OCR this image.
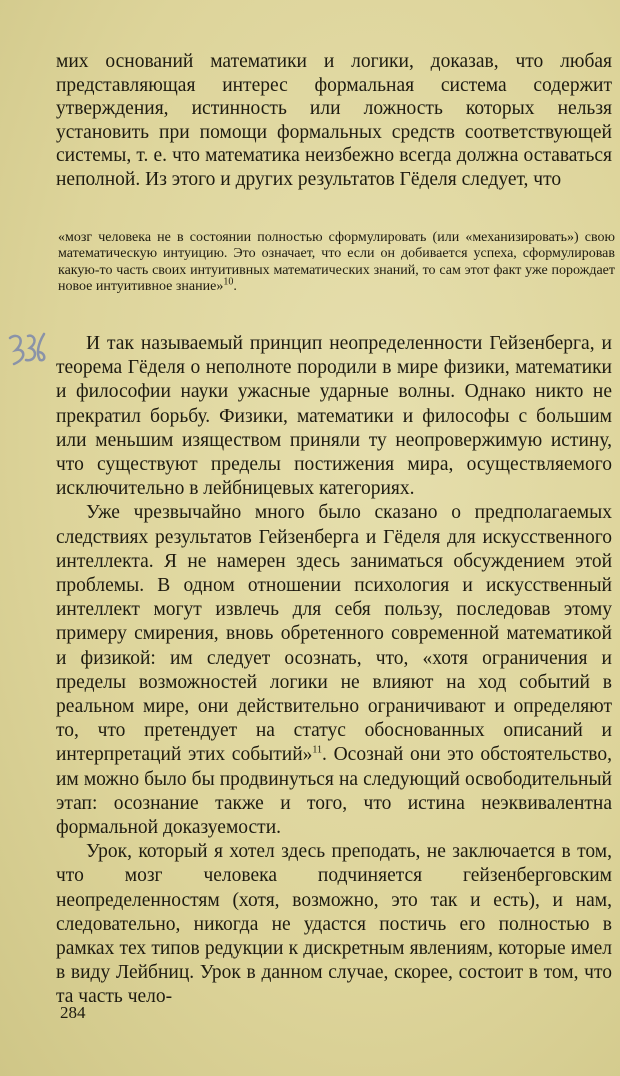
мих оснований математики и логики, доказав, что любая представляющая интерес формальная система содержит утверждения, истинность или ложность которых нельзя установить при помощи формальных средств соответствующей системы, т. е. что математика неизбежно всегда должна оставаться неполной. Из этого и других результатов Гёделя следует, что
«мозг человека не в состоянии полностью сформулировать (или «механизировать») свою математическую интуицию. Это означает, что если он добивается успеха, сформулировав какую-то часть своих интуитивных математических знаний, то сам этот факт уже порождает новое интуитивное знание»$^{10}$.

И так называемый принцип неопределенности Гейзенберга, и теорема Гёделя о неполноте породили в мире физики, математики и философии науки ужасные ударные волны. Однако никто не прекратил борьбу. Физики, математики и философы с большим или меньшим изяществом приняли ту неопровержимую истину, что существуют пределы постижения мира, осуществляемого исключительно в лейбницевых категориях.

Уже чрезвычайно много было сказано о предполагаемых следствиях результатов Гейзенберга и Гёделя для искусственного интеллекта. Я не намерен здесь заниматься обсуждением этой проблемы. В одном отношении психология и искусственный интеллект могут извлечь для себя пользу, последовав этому примеру смирения, вновь обретенного современной математикой и физикой: им следует осознать, что, «хотя ограничения и пределы возможностей логики не влияют на ход событий в реальном мире, они действительно ограничивают и определяют то, что претендует на статус обоснованных описаний и интерпретаций этих событий»$^{11}$. Осознай они это обстоятельство, им можно было бы продвинуться на следующий освободительный этап: осознание также и того, что истина неэквивалентна формальной доказуемости.

Урок, который я хотел здесь преподать, не заключается в том, что мозг человека подчиняется гейзенберговским неопределенностям (хотя, возможно, это так и есть), и нам, следовательно, никогда не удастся постичь его полностью в рамках тех типов редукции к дискретным явлениям, которые имел в виду Лейбниц. Урок в данном случае, скорее, состоит в том, что та часть чело-

284
